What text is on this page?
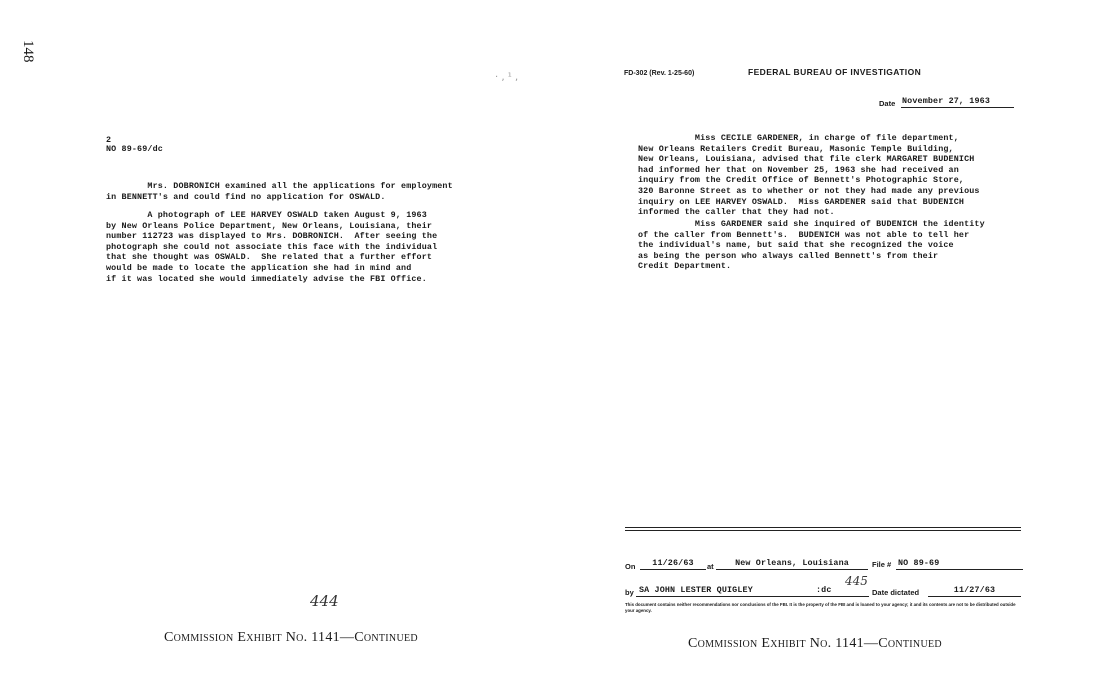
148
· ‚ ¹ ‚
2
NO 89-69/dc
Mrs. DOBRONICH examined all the applications for employment
in BENNETT's and could find no application for OSWALD.
A photograph of LEE HARVEY OSWALD taken August 9, 1963
by New Orleans Police Department, New Orleans, Louisiana, their
number 112723 was displayed to Mrs. DOBRONICH.  After seeing the
photograph she could not associate this face with the individual
that she thought was OSWALD.  She related that a further effort
would be made to locate the application she had in mind and
if it was located she would immediately advise the FBI Office.
444
Commission Exhibit No. 1141—Continued
FD-302 (Rev. 1-25-60)	FEDERAL BUREAU OF INVESTIGATION
Date November 27, 1963
Miss CECILE GARDENER, in charge of file department,
New Orleans Retailers Credit Bureau, Masonic Temple Building,
New Orleans, Louisiana, advised that file clerk MARGARET BUDENICH
had informed her that on November 25, 1963 she had received an
inquiry from the Credit Office of Bennett's Photographic Store,
320 Baronne Street as to whether or not they had made any previous
inquiry on LEE HARVEY OSWALD.  Miss GARDENER said that BUDENICH
informed the caller that they had not.
Miss GARDENER said she inquired of BUDENICH the identity
of the caller from Bennett's.  BUDENICH was not able to tell her
the individual's name, but said that she recognized the voice
as being the person who always called Bennett's from their
Credit Department.
On	11/26/63	at	New Orleans, Louisiana	File # NO 89-69
by SA JOHN LESTER QUIGLEY	:dc
445
Date dictated	11/27/63
This document contains neither recommendations nor conclusions of the FBI. It is the property of the FBI and is loaned to your agency; it and its contents are not to be distributed outside your agency.
Commission Exhibit No. 1141—Continued
